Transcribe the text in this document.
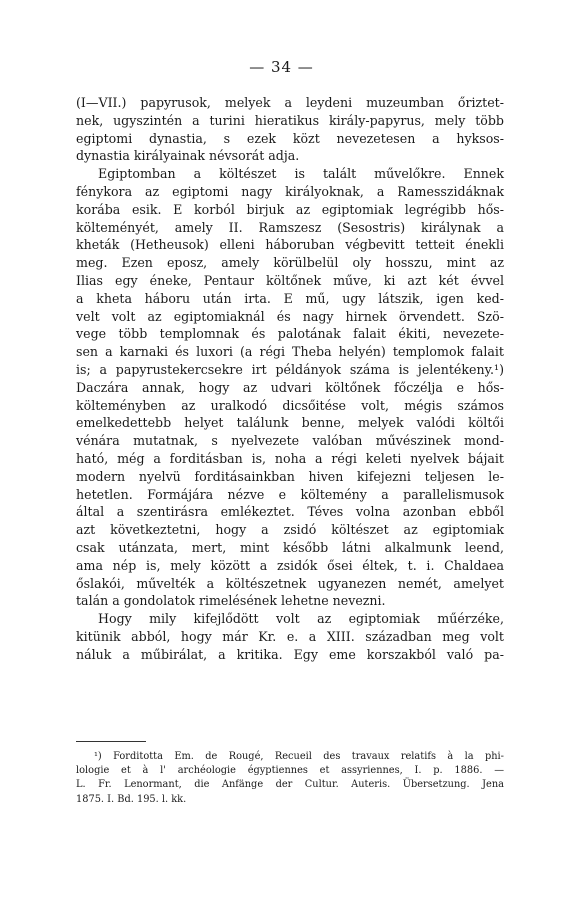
— 34 —
(I—VII.) papyrusok, melyek a leydeni muzeumban őriztet-
nek, ugyszintén a turini hieratikus király-papyrus, mely több
egiptomi dynastia, s ezek közt nevezetesen a hyksos-
dynastia királyainak névsorát adja.
Egiptomban a költészet is talált művelőkre. Ennek
fénykora az egiptomi nagy királyoknak, a Ramesszidáknak
korába esik. E korból birjuk az egiptomiak legrégibb hős-
költeményét, amely II. Ramszesz (Sesostris) királynak a
kheták (Hetheusok) elleni háboruban végbevitt tetteit énekli
meg. Ezen eposz, amely körülbelül oly hosszu, mint az
Ilias egy éneke, Pentaur költőnek műve, ki azt két évvel
a kheta háboru után irta. E mű, ugy látszik, igen ked-
velt volt az egiptomiaknál és nagy hirnek örvendett. Szö-
vege több templomnak és palotának falait ékiti, nevezete-
sen a karnaki és luxori (a régi Theba helyén) templomok falait
is; a papyrustekercsekre irt példányok száma is jelentékeny.¹)
Daczára annak, hogy az udvari költőnek főczélja e hős-
költeményben az uralkodó dicsőitése volt, mégis számos
emelkedettebb helyet találunk benne, melyek valódi költői
vénára mutatnak, s nyelvezete valóban művészinek mond-
ható, még a forditásban is, noha a régi keleti nyelvek bájait
modern nyelvü forditásainkban hiven kifejezni teljesen le-
hetetlen. Formájára nézve e költemény a parallelismusok
által a szentirásra emlékeztet. Téves volna azonban ebből
azt következtetni, hogy a zsidó költészet az egiptomiak
csak utánzata, mert, mint később látni alkalmunk leend,
ama nép is, mely között a zsidók ősei éltek, t. i. Chaldaea
őslakói, művelték a költészetnek ugyanezen nemét, amelyet
talán a gondolatok rimelésének lehetne nevezni.
Hogy mily kifejlődött volt az egiptomiak műérzéke,
kitünik abból, hogy már Kr. e. a XIII. században meg volt
náluk a műbirálat, a kritika. Egy eme korszakból való pa-
¹) Forditotta Em. de Rougé, Recueil des travaux relatifs à la phi-
lologie et à l' archéologie égyptiennes et assyriennes, I. p. 1886. —
L. Fr. Lenormant, die Anfänge der Cultur. Auteris. Übersetzung. Jena
1875. I. Bd. 195. l. kk.
